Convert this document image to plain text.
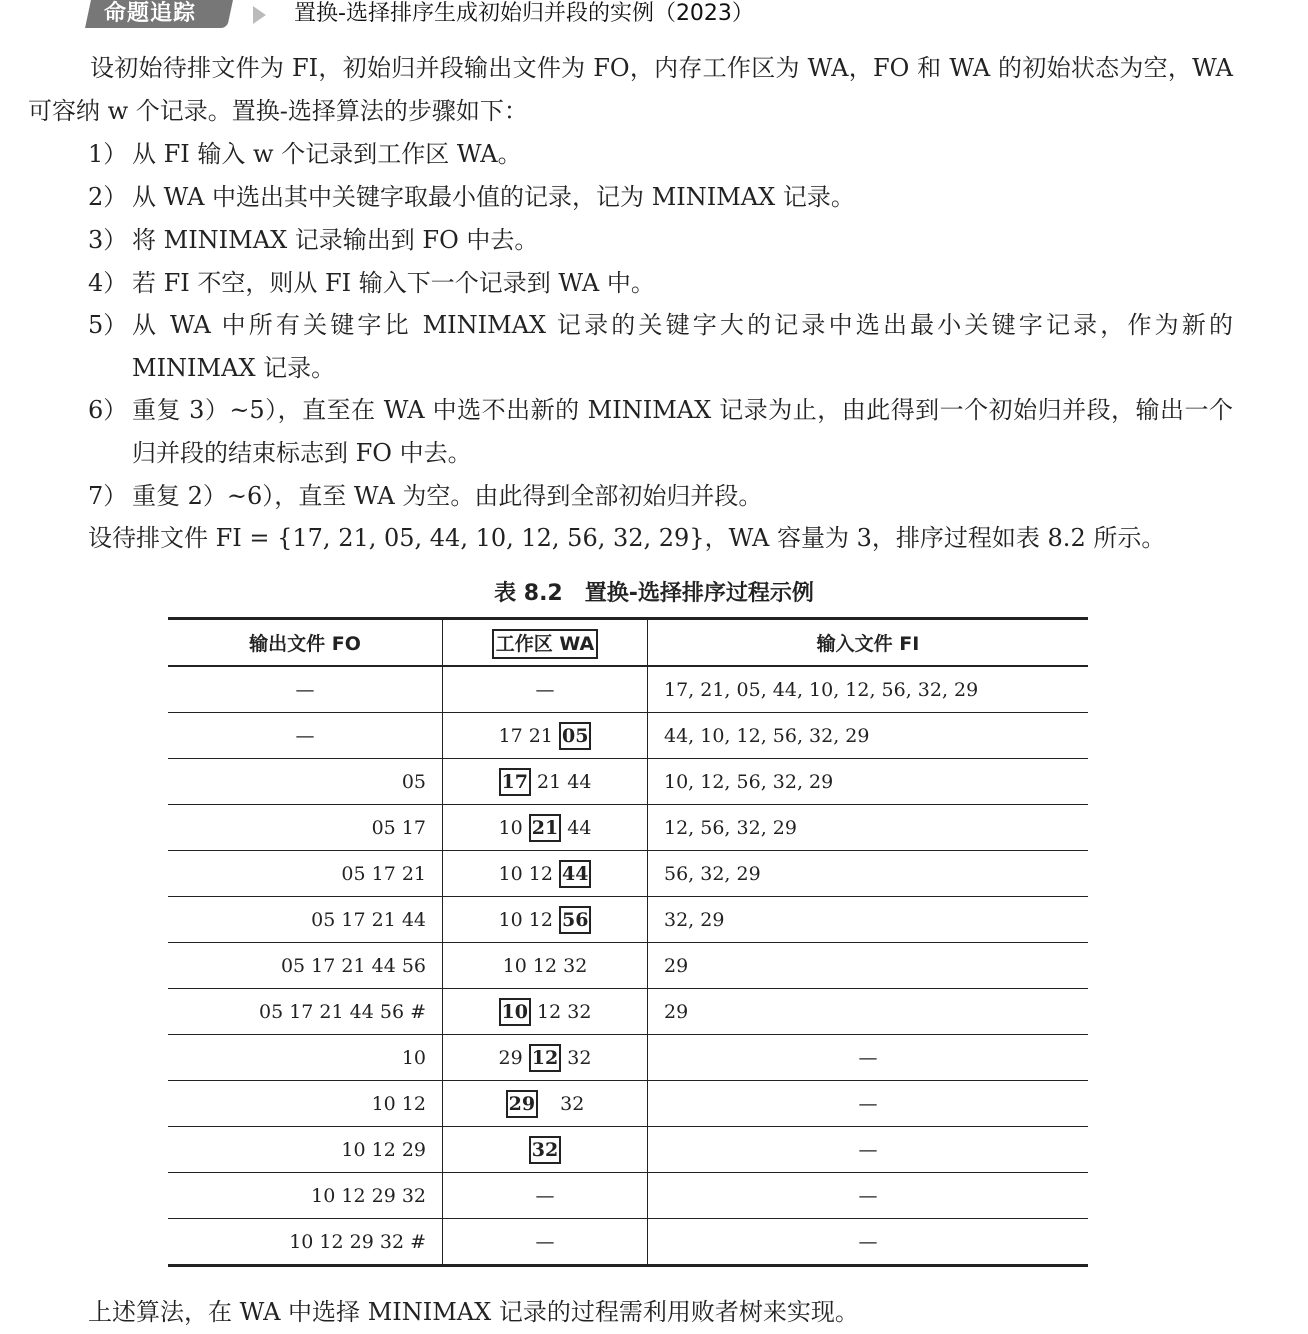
命题追踪	置换-选择排序生成初始归并段的实例（2023）
设初始待排文件为 FI，初始归并段输出文件为 FO，内存工作区为 WA，FO 和 WA 的初始状态为空，WA 可容纳 w 个记录。置换-选择算法的步骤如下：
1） 从 FI 输入 w 个记录到工作区 WA。
2） 从 WA 中选出其中关键字取最小值的记录，记为 MINIMAX 记录。
3） 将 MINIMAX 记录输出到 FO 中去。
4） 若 FI 不空，则从 FI 输入下一个记录到 WA 中。
5） 从 WA 中所有关键字比 MINIMAX 记录的关键字大的记录中选出最小关键字记录，作为新的 MINIMAX 记录。
6） 重复 3）~5），直至在 WA 中选不出新的 MINIMAX 记录为止，由此得到一个初始归并段，输出一个归并段的结束标志到 FO 中去。
7） 重复 2）~6），直至 WA 为空。由此得到全部初始归并段。
设待排文件 FI = {17, 21, 05, 44, 10, 12, 56, 32, 29}，WA 容量为 3，排序过程如表 8.2 所示。
表 8.2　置换-选择排序过程示例
输出文件 FO	工作区 WA	输入文件 FI
—	—	17, 21, 05, 44, 10, 12, 56, 32, 29
—	17 21 05	44, 10, 12, 56, 32, 29
05	17 21 44	10, 12, 56, 32, 29
05 17	10 21 44	12, 56, 32, 29
05 17 21	10 12 44	56, 32, 29
05 17 21 44	10 12 56	32, 29
05 17 21 44 56	10 12 32	29
05 17 21 44 56 #	10 12 32	29
10	29 12 32	—
10 12	29 32	—
10 12 29	32	—
10 12 29 32	—	—
10 12 29 32 #	—	—
上述算法，在 WA 中选择 MINIMAX 记录的过程需利用败者树来实现。
